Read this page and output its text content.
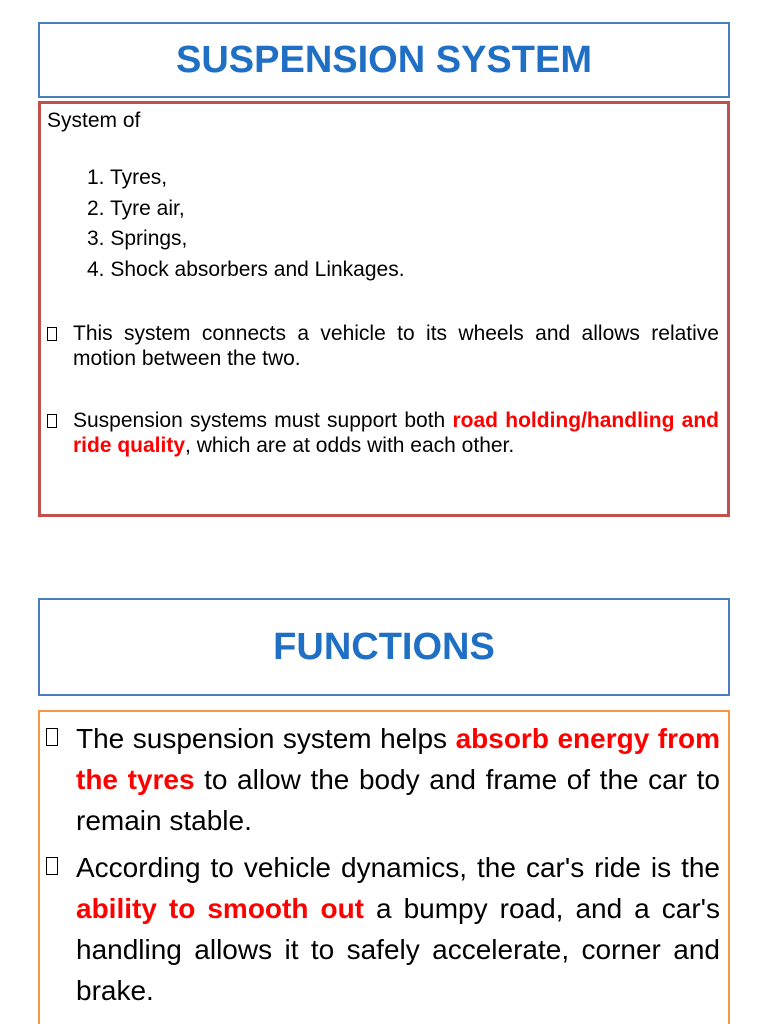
SUSPENSION SYSTEM

System of

1. Tyres,
2. Tyre air,
3. Springs,
4. Shock absorbers and Linkages.
This system connects a vehicle to its wheels and allows relative motion between the two.
Suspension systems must support both road holding/handling and ride quality, which are at odds with each other.
FUNCTIONS
The suspension system helps absorb energy from the tyres to allow the body and frame of the car to remain stable.
According to vehicle dynamics, the car's ride is the ability to smooth out a bumpy road, and a car's handling allows it to safely accelerate, corner and brake.
